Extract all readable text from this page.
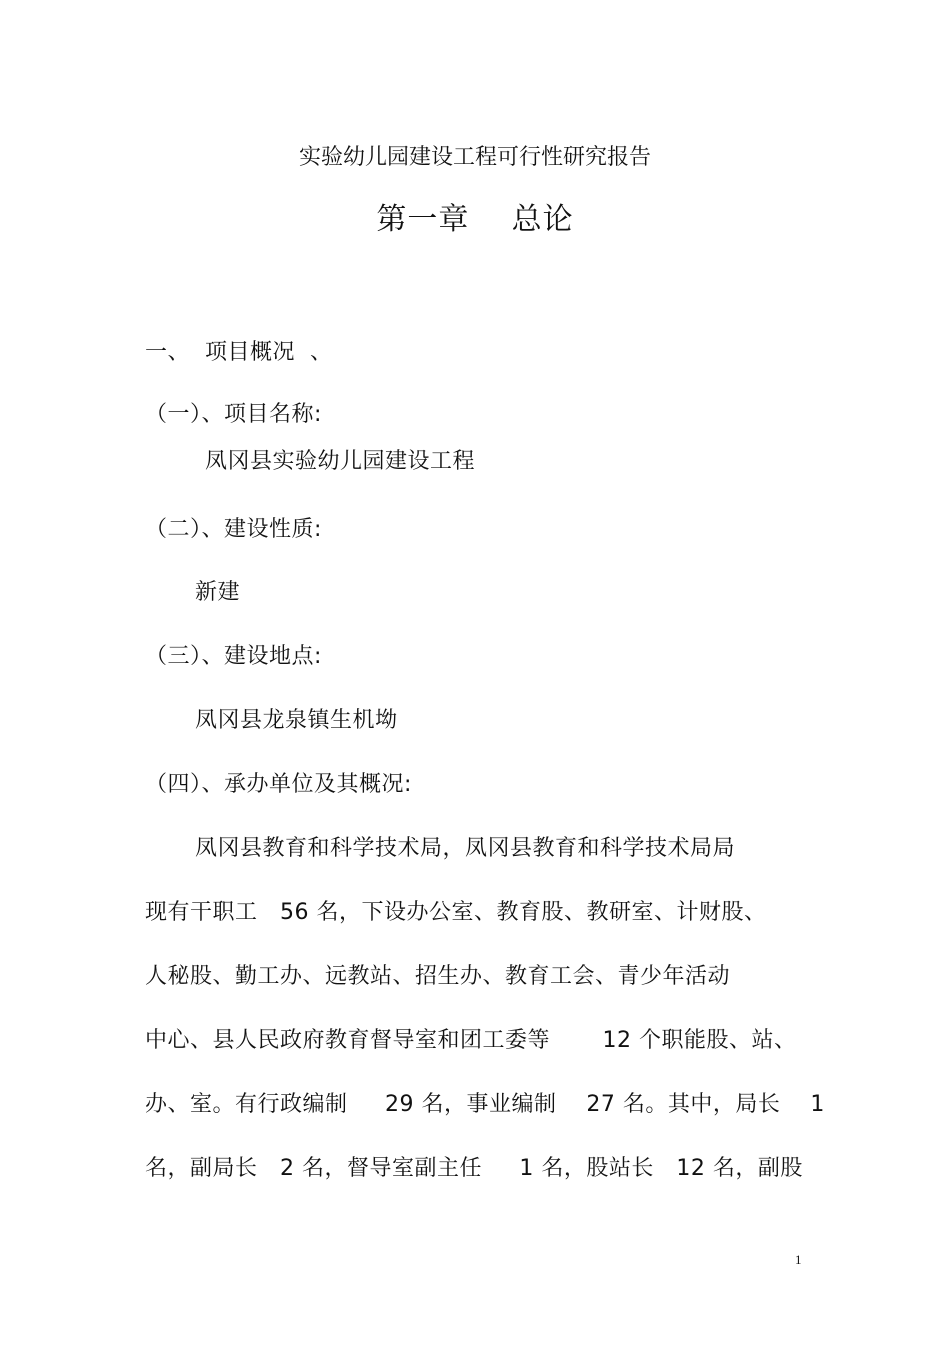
实验幼儿园建设工程可行性研究报告
第一章    总论
一、  项目概况  、
（一）、项目名称:
凤冈县实验幼儿园建设工程
（二）、建设性质:
新建
（三）、建设地点:
凤冈县龙泉镇生机坳
（四）、承办单位及其概况:
凤冈县教育和科学技术局，凤冈县教育和科学技术局局
现有干职工   56 名，下设办公室、教育股、教研室、计财股、
人秘股、勤工办、远教站、招生办、教育工会、青少年活动
中心、县人民政府教育督导室和团工委等       12 个职能股、站、
办、室。有行政编制     29 名，事业编制    27 名。其中，局长    1
名，副局长   2 名，督导室副主任     1 名，股站长   12 名，副股
1
